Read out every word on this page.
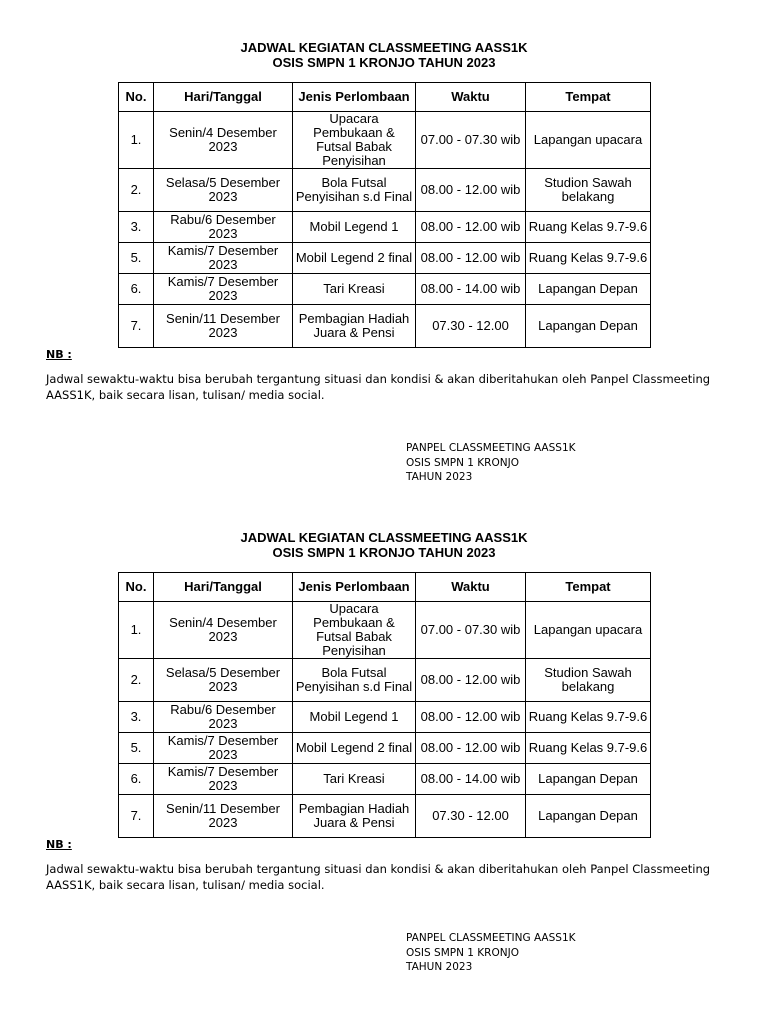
JADWAL KEGIATAN CLASSMEETING AASS1K
OSIS SMPN 1 KRONJO TAHUN 2023
No.	Hari/Tanggal	Jenis Perlombaan	Waktu	Tempat
1.	Senin/4 Desember 2023	Upacara Pembukaan & Futsal Babak Penyisihan	07.00 - 07.30 wib	Lapangan upacara
2.	Selasa/5 Desember 2023	Bola Futsal Penyisihan s.d Final	08.00 - 12.00 wib	Studion Sawah belakang
3.	Rabu/6 Desember 2023	Mobil Legend 1	08.00 - 12.00 wib	Ruang Kelas 9.7-9.6
5.	Kamis/7 Desember 2023	Mobil Legend 2 final	08.00 - 12.00 wib	Ruang Kelas 9.7-9.6
6.	Kamis/7 Desember 2023	Tari Kreasi	08.00 - 14.00 wib	Lapangan Depan
7.	Senin/11 Desember 2023	Pembagian Hadiah Juara & Pensi	07.30 - 12.00	Lapangan Depan
NB :
Jadwal sewaktu-waktu bisa berubah tergantung situasi dan kondisi & akan diberitahukan oleh Panpel Classmeeting AASS1K, baik secara lisan, tulisan/ media social.
PANPEL CLASSMEETING AASS1K
OSIS SMPN 1 KRONJO
TAHUN 2023
JADWAL KEGIATAN CLASSMEETING AASS1K
OSIS SMPN 1 KRONJO TAHUN 2023
No.	Hari/Tanggal	Jenis Perlombaan	Waktu	Tempat
1.	Senin/4 Desember 2023	Upacara Pembukaan & Futsal Babak Penyisihan	07.00 - 07.30 wib	Lapangan upacara
2.	Selasa/5 Desember 2023	Bola Futsal Penyisihan s.d Final	08.00 - 12.00 wib	Studion Sawah belakang
3.	Rabu/6 Desember 2023	Mobil Legend 1	08.00 - 12.00 wib	Ruang Kelas 9.7-9.6
5.	Kamis/7 Desember 2023	Mobil Legend 2 final	08.00 - 12.00 wib	Ruang Kelas 9.7-9.6
6.	Kamis/7 Desember 2023	Tari Kreasi	08.00 - 14.00 wib	Lapangan Depan
7.	Senin/11 Desember 2023	Pembagian Hadiah Juara & Pensi	07.30 - 12.00	Lapangan Depan
NB :
Jadwal sewaktu-waktu bisa berubah tergantung situasi dan kondisi & akan diberitahukan oleh Panpel Classmeeting AASS1K, baik secara lisan, tulisan/ media social.
PANPEL CLASSMEETING AASS1K
OSIS SMPN 1 KRONJO
TAHUN 2023
